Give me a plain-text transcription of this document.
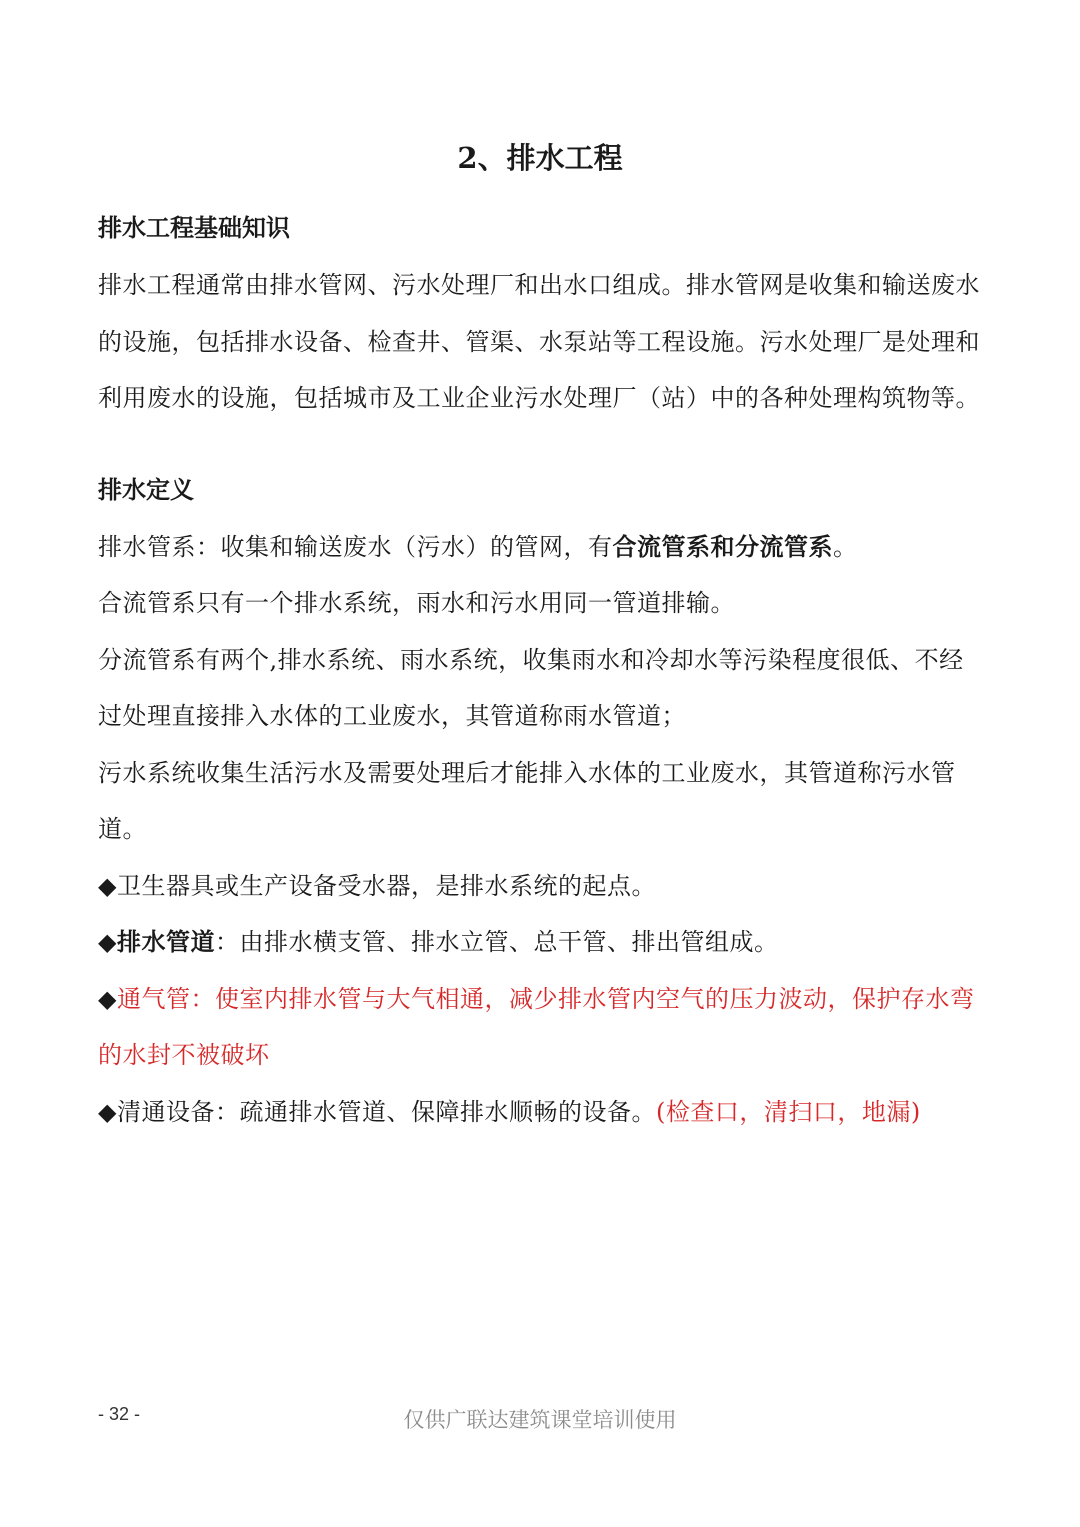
2、排水工程
排水工程基础知识

排水工程通常由排水管网、污水处理厂和出水口组成。排水管网是收集和输送废水的设施，包括排水设备、检查井、管渠、水泵站等工程设施。污水处理厂是处理和利用废水的设施，包括城市及工业企业污水处理厂（站）中的各种处理构筑物等。

排水定义

排水管系：收集和输送废水（污水）的管网，有合流管系和分流管系。

合流管系只有一个排水系统，雨水和污水用同一管道排输。

分流管系有两个,排水系统、雨水系统，收集雨水和冷却水等污染程度很低、不经过处理直接排入水体的工业废水，其管道称雨水管道；

污水系统收集生活污水及需要处理后才能排入水体的工业废水，其管道称污水管道。

◆卫生器具或生产设备受水器，是排水系统的起点。

◆排水管道：由排水横支管、排水立管、总干管、排出管组成。

◆通气管：使室内排水管与大气相通，减少排水管内空气的压力波动，保护存水弯的水封不被破坏

◆清通设备：疏通排水管道、保障排水顺畅的设备。(检查口，清扫口，地漏)

- 32 -	仅供广联达建筑课堂培训使用
